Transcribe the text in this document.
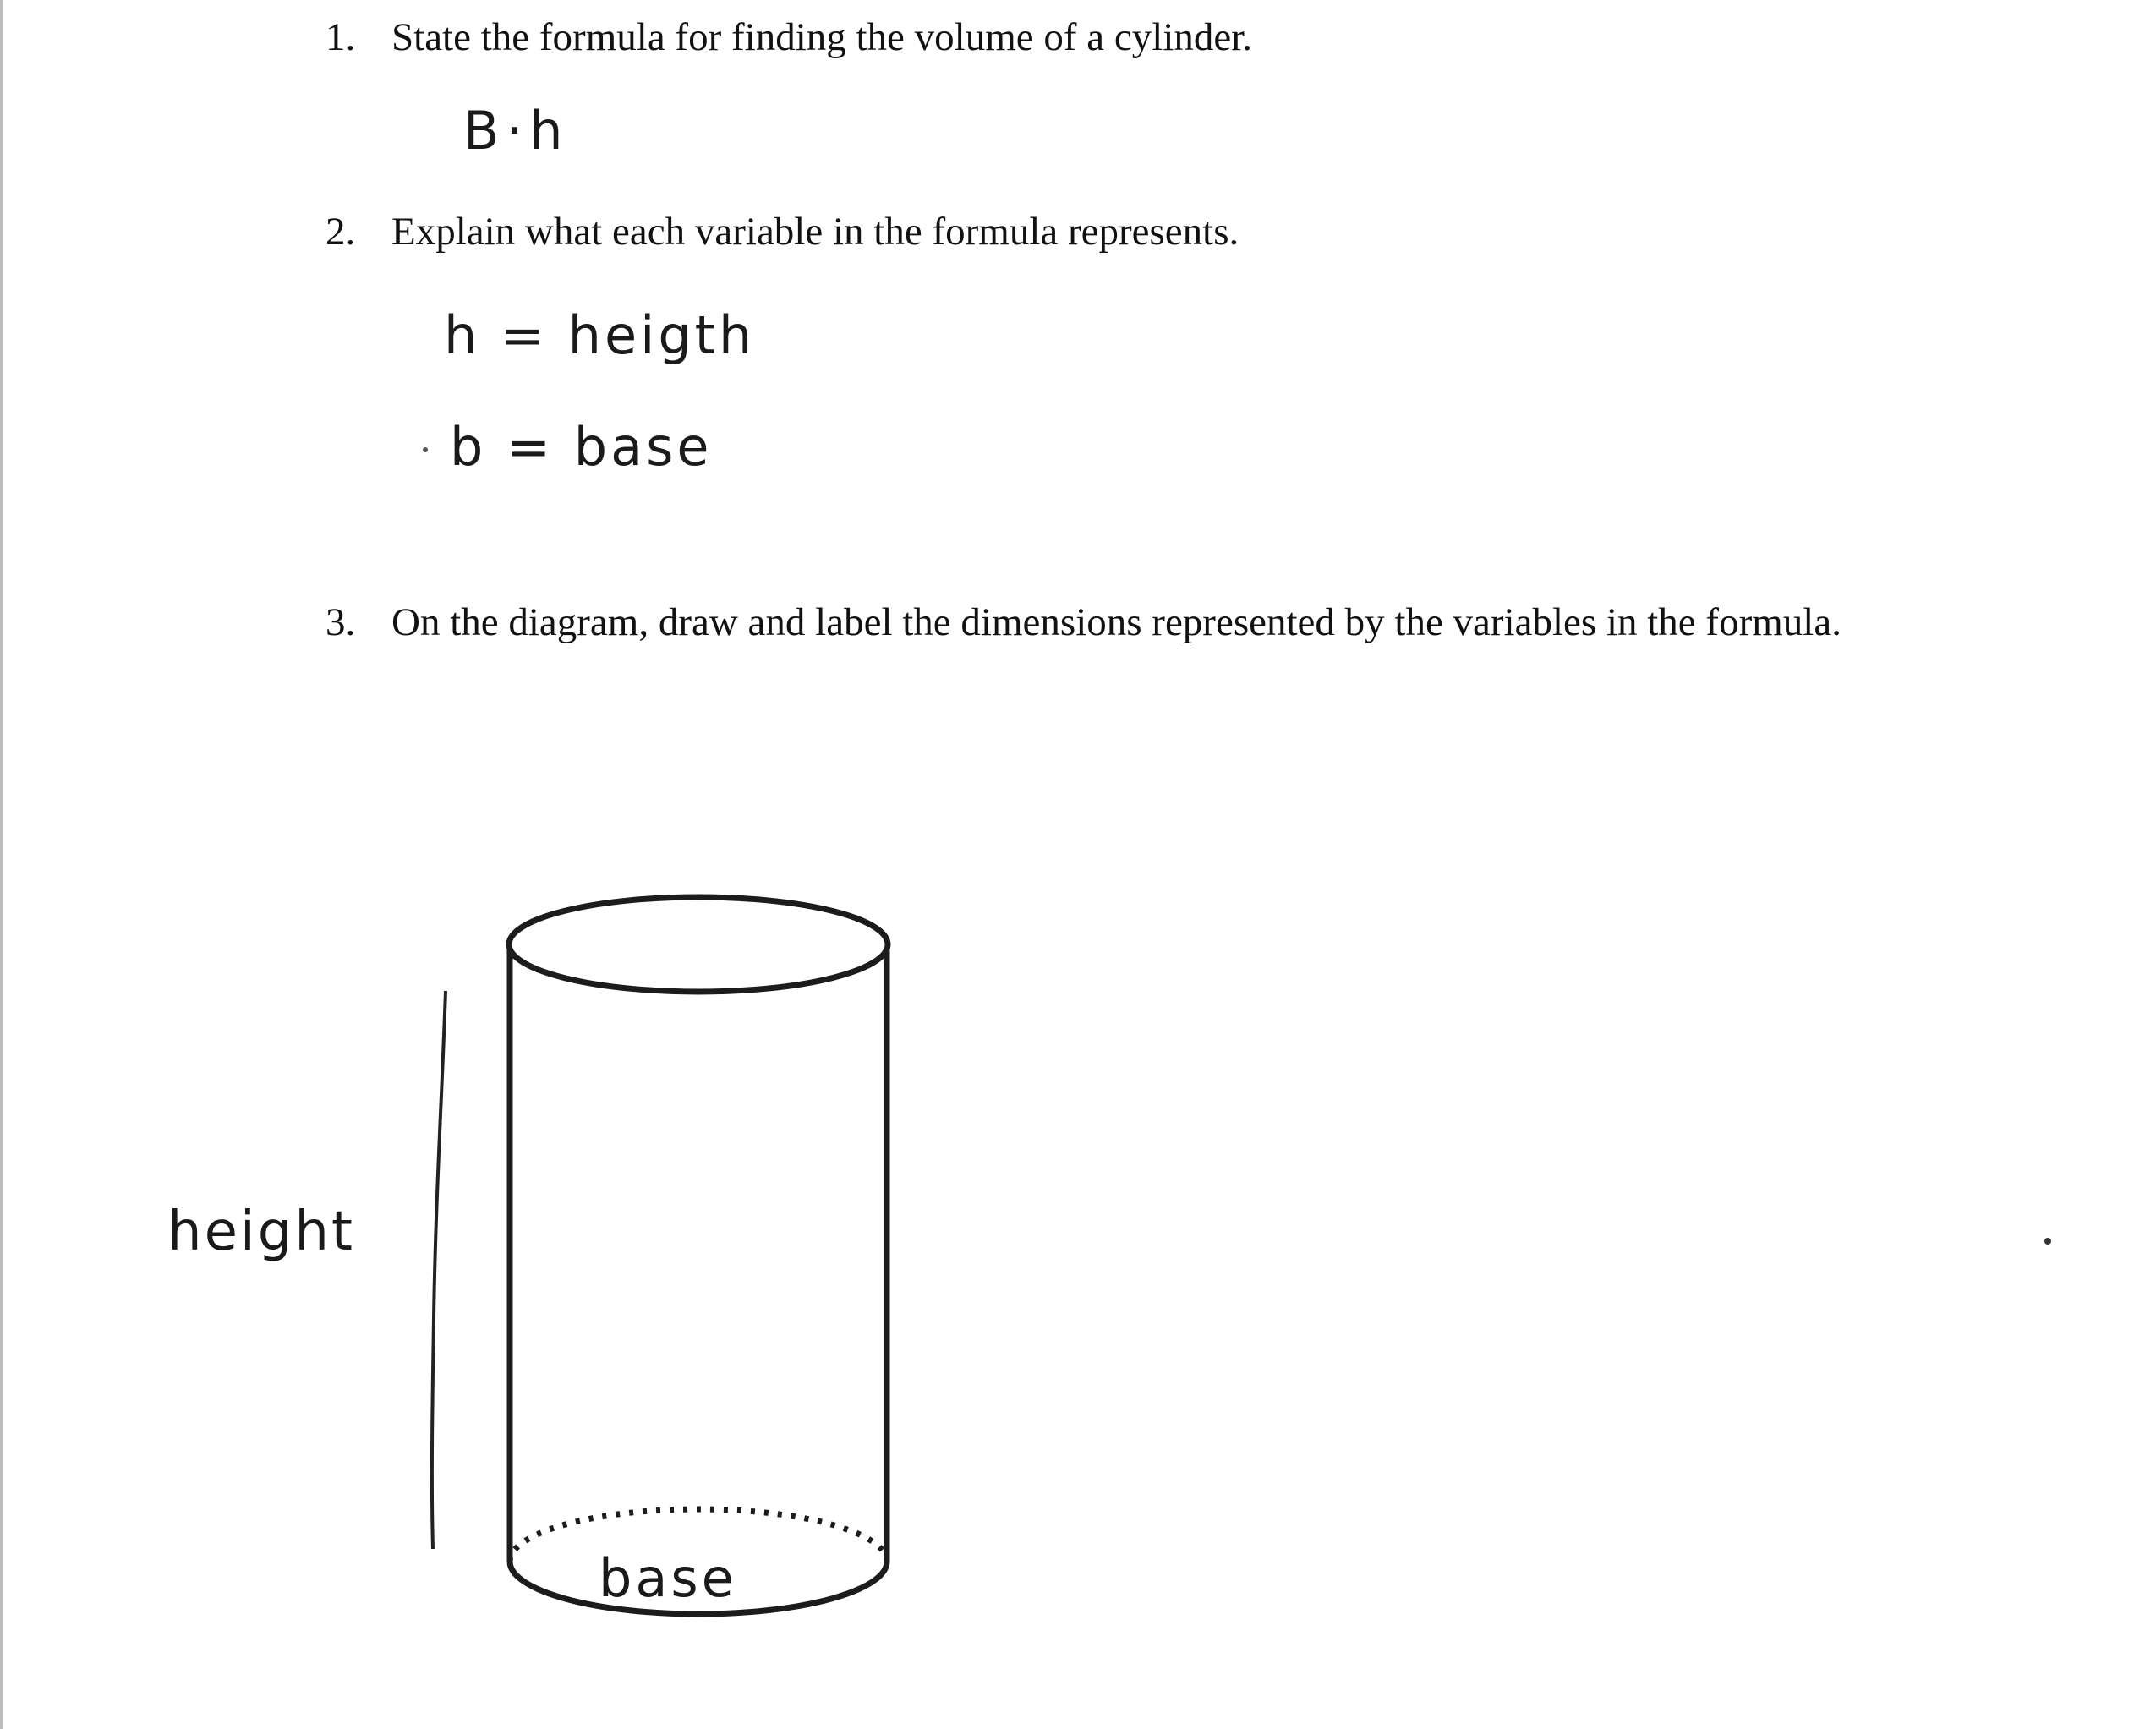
1. State the formula for finding the volume of a cylinder.
B·h
2. Explain what each variable in the formula represents.
h = heigth
b = base
3. On the diagram, draw and label the dimensions represented by the variables in the formula.
height
base
